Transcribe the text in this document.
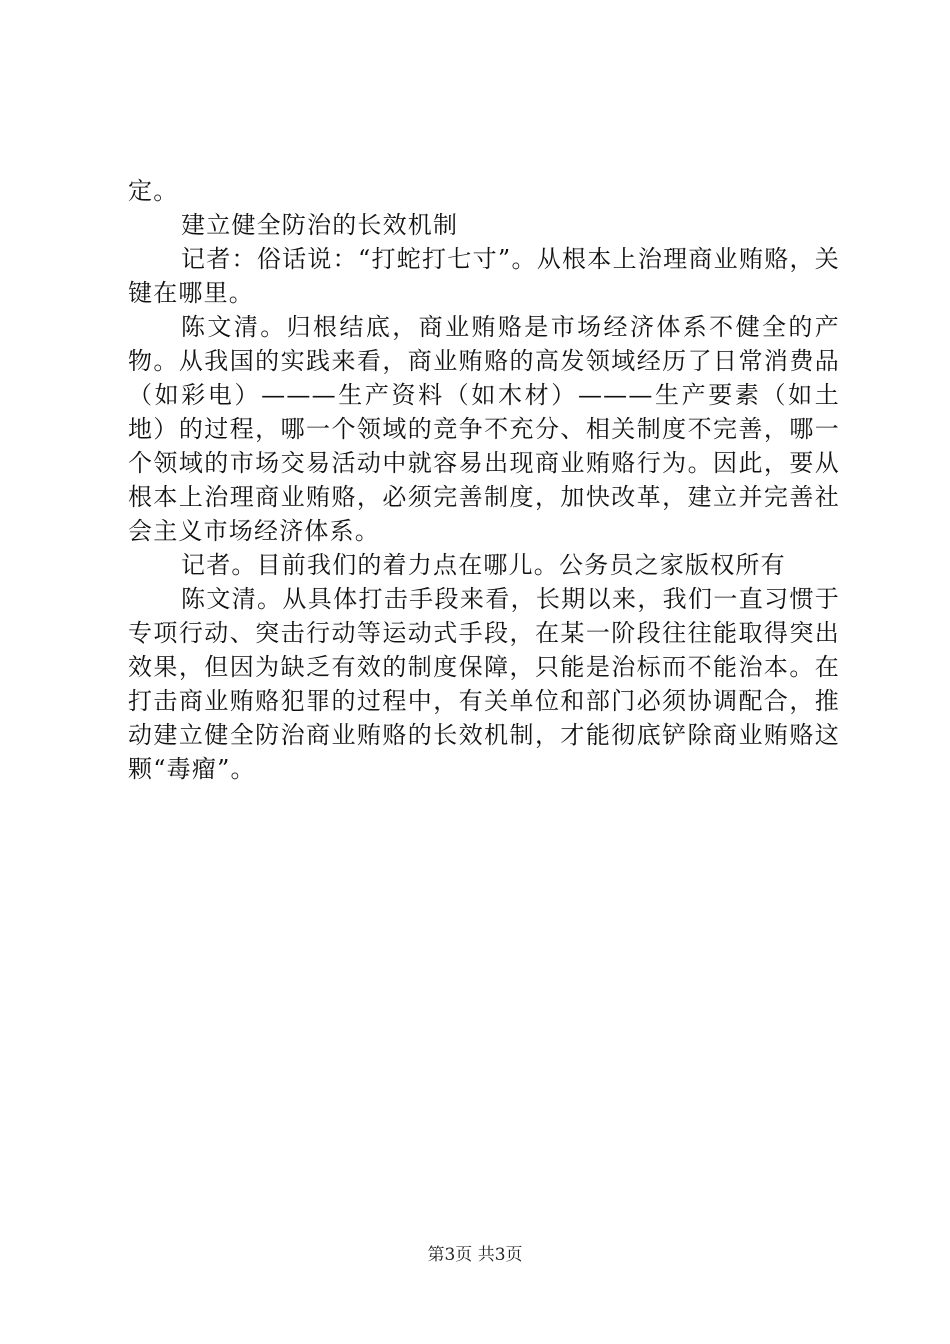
定。

建立健全防治的长效机制

记者：俗话说：“打蛇打七寸”。从根本上治理商业贿赂，关键在哪里。

陈文清。归根结底，商业贿赂是市场经济体系不健全的产物。从我国的实践来看，商业贿赂的高发领域经历了日常消费品（如彩电）———生产资料（如木材）———生产要素（如土地）的过程，哪一个领域的竞争不充分、相关制度不完善，哪一个领域的市场交易活动中就容易出现商业贿赂行为。因此，要从根本上治理商业贿赂，必须完善制度，加快改革，建立并完善社会主义市场经济体系。

记者。目前我们的着力点在哪儿。公务员之家版权所有

陈文清。从具体打击手段来看，长期以来，我们一直习惯于专项行动、突击行动等运动式手段，在某一阶段往往能取得突出效果，但因为缺乏有效的制度保障，只能是治标而不能治本。在打击商业贿赂犯罪的过程中，有关单位和部门必须协调配合，推动建立健全防治商业贿赂的长效机制，才能彻底铲除商业贿赂这颗“毒瘤”。

第3页 共3页
